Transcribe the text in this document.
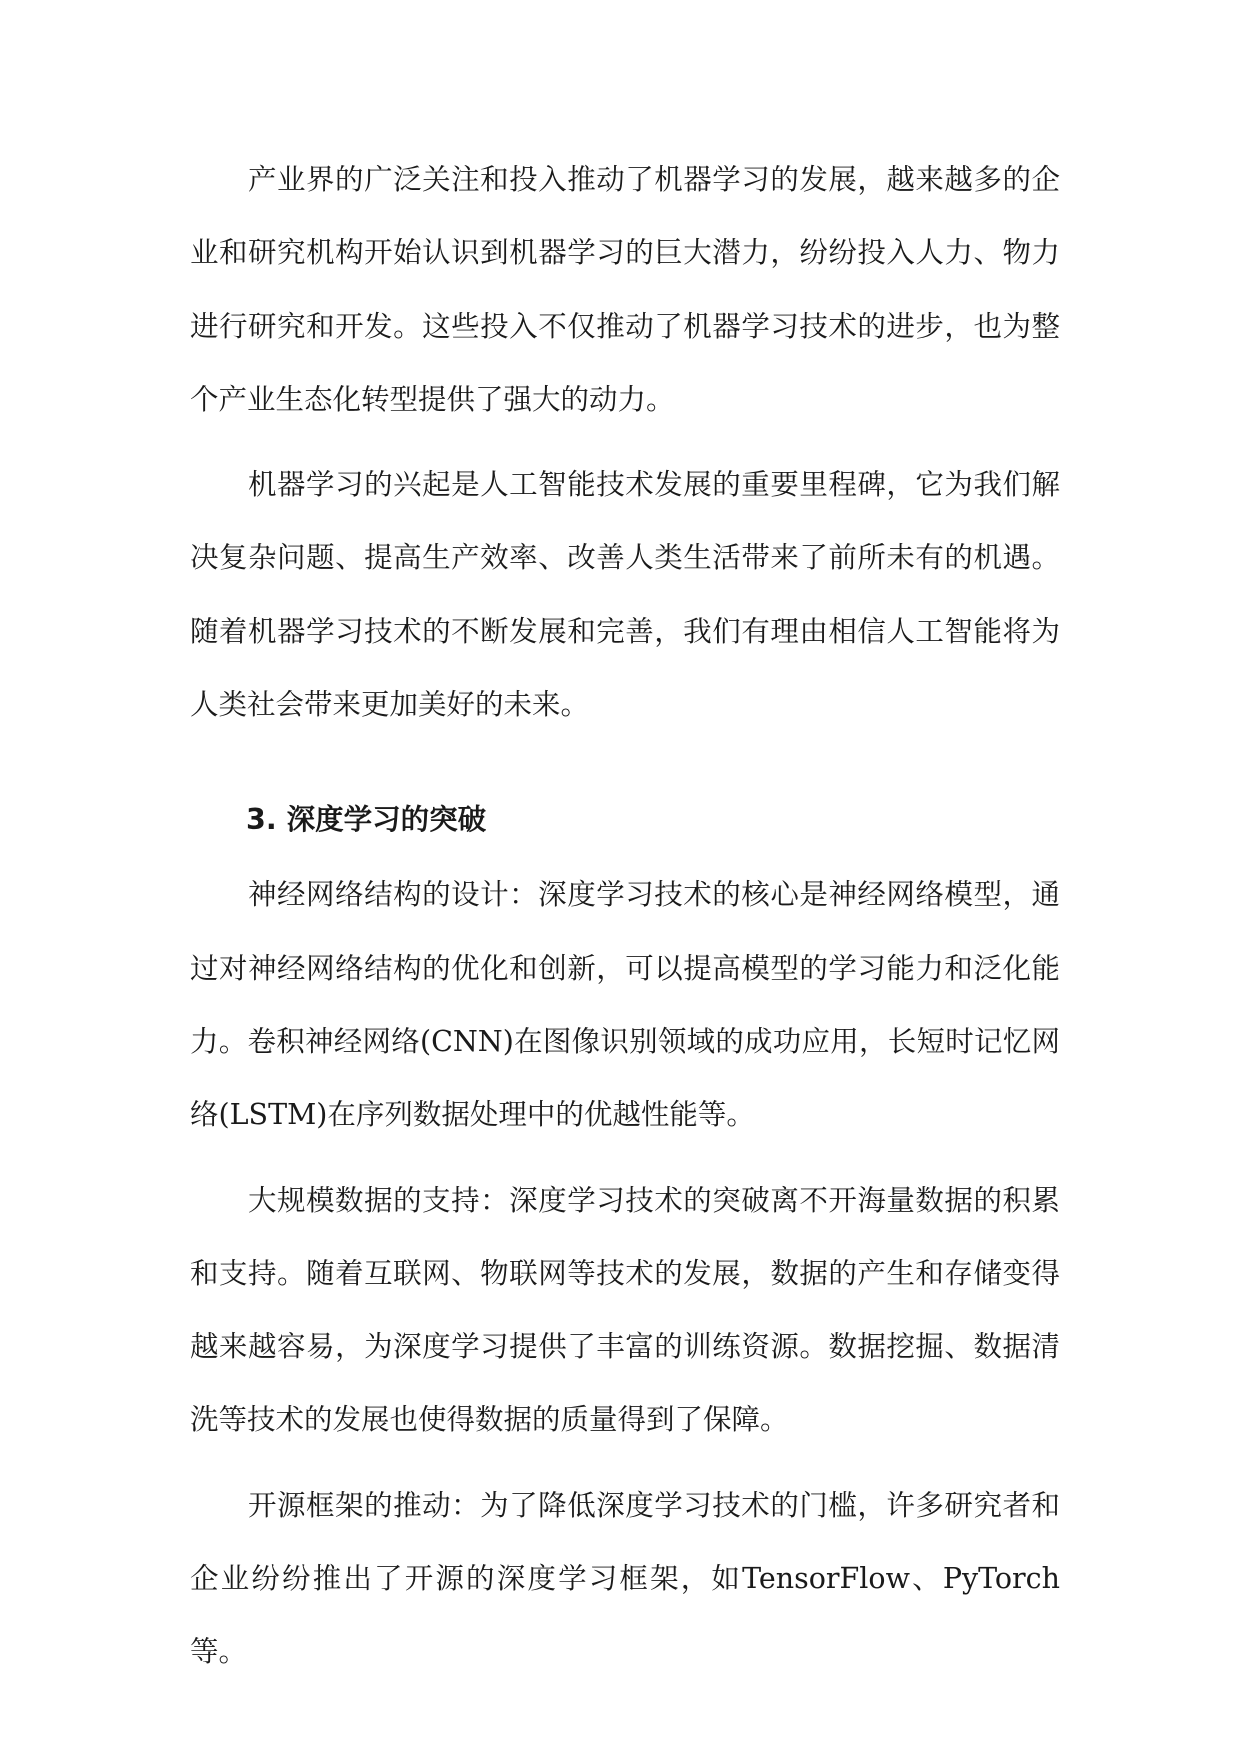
产业界的广泛关注和投入推动了机器学习的发展，越来越多的企业和研究机构开始认识到机器学习的巨大潜力，纷纷投入人力、物力进行研究和开发。这些投入不仅推动了机器学习技术的进步，也为整个产业生态化转型提供了强大的动力。

机器学习的兴起是人工智能技术发展的重要里程碑，它为我们解决复杂问题、提高生产效率、改善人类生活带来了前所未有的机遇。随着机器学习技术的不断发展和完善，我们有理由相信人工智能将为人类社会带来更加美好的未来。

3. 深度学习的突破

神经网络结构的设计：深度学习技术的核心是神经网络模型，通过对神经网络结构的优化和创新，可以提高模型的学习能力和泛化能力。卷积神经网络(CNN)在图像识别领域的成功应用，长短时记忆网络(LSTM)在序列数据处理中的优越性能等。

大规模数据的支持：深度学习技术的突破离不开海量数据的积累和支持。随着互联网、物联网等技术的发展，数据的产生和存储变得越来越容易，为深度学习提供了丰富的训练资源。数据挖掘、数据清洗等技术的发展也使得数据的质量得到了保障。

开源框架的推动：为了降低深度学习技术的门槛，许多研究者和企业纷纷推出了开源的深度学习框架，如TensorFlow、PyTorch等。
